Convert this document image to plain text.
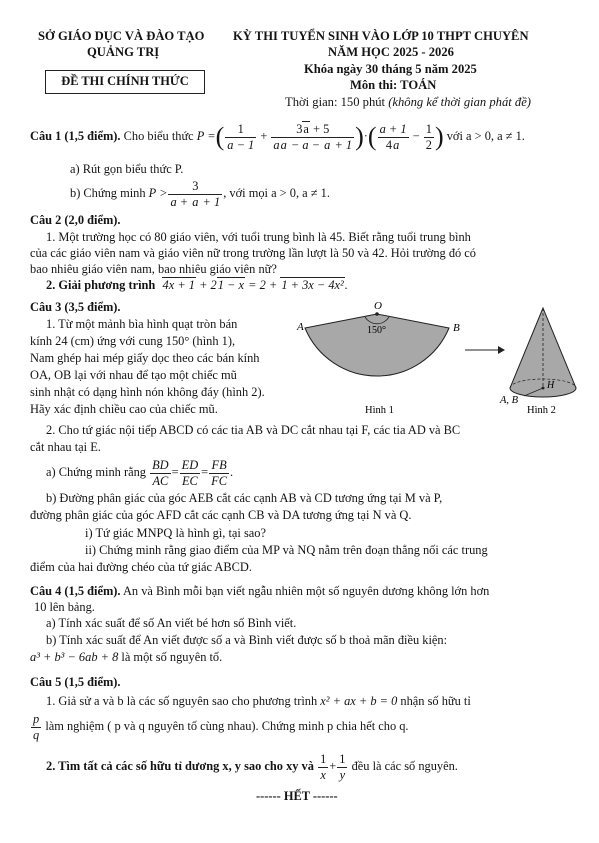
SỞ GIÁO DỤC VÀ ĐÀO TẠO
QUẢNG TRỊ
ĐỀ THI CHÍNH THỨC
KỲ THI TUYỂN SINH VÀO LỚP 10 THPT CHUYÊN
NĂM HỌC 2025 - 2026
Khóa ngày 30 tháng 5 năm 2025
Môn thi: TOÁN
Thời gian: 150 phút (không kể thời gian phát đề)
Câu 1 (1,5 điểm).
Cho biểu thức
P = ( $\frac{1}{a - 1} + \frac{3a + 5}{aa - a - a + 1}$ ) · ( $\frac{a + 1}{4a} - \frac{1}{2}$ )
với a > 0, a ≠ 1.
a) Rút gọn biểu thức P.
b) Chứng minh
$P > \frac{3}{a + a + 1}$ , với mọi a > 0, a ≠ 1.
Câu 2 (2,0 điểm).
1. Một trường học có 80 giáo viên, với tuổi trung bình là 45. Biết rằng tuổi trung bình
của các giáo viên nam và giáo viên nữ trong trường lần lượt là 50 và 42. Hỏi trường đó có
bao nhiêu giáo viên nam, bao nhiêu giáo viên nữ?
2. Giải phương trình 4x + 1 + 21 − x = 2 + 1 + 3x − 4x².
Câu 3 (3,5 điểm).
1. Từ một mảnh bìa hình quạt tròn bán
kính 24 (cm) ứng với cung 150° (hình 1),
Nam ghép hai mép giấy dọc theo các bán kính
OA, OB lại với nhau để tạo một chiếc mũ
sinh nhật có dạng hình nón không đáy (hình 2).
Hãy xác định chiều cao của chiếc mũ.
O
A	B
150°
Hình 1
H
A, B
Hình 2
2. Cho tứ giác nội tiếp ABCD có các tia AB và DC cắt nhau tại F, các tia AD và BC
cắt nhau tại E.
a) Chứng minh rằng
$\frac{BD}{AC} = \frac{ED}{EC} = \frac{FB}{FC}$ .
b) Đường phân giác của góc AEB cắt các cạnh AB và CD tương ứng tại M và P,
đường phân giác của góc AFD cắt các cạnh CB và DA tương ứng tại N và Q.
i) Tứ giác MNPQ là hình gì, tại sao?
ii) Chứng minh rằng giao điểm của MP và NQ nằm trên đoạn thẳng nối các trung
điểm của hai đường chéo của tứ giác ABCD.
Câu 4 (1,5 điểm). An và Bình mỗi bạn viết ngẫu nhiên một số nguyên dương không lớn hơn
10 lên bảng.
a) Tính xác suất để số An viết bé hơn số Bình viết.
b) Tính xác suất để An viết được số a và Bình viết được số b thoả mãn điều kiện:
a³ + b³ − 6ab + 8 là một số nguyên tố.
Câu 5 (1,5 điểm).
1. Giả sử a và b là các số nguyên sao cho phương trình x² + ax + b = 0 nhận số hữu tỉ
$\frac{p}{q}$
làm nghiệm ( p và q nguyên tố cùng nhau). Chứng minh p chia hết cho q.
2. Tìm tất cả các số hữu tỉ dương x, y sao cho xy và
$\frac{1}{x} + \frac{1}{y}$
đều là các số nguyên.
------ HẾT ------
